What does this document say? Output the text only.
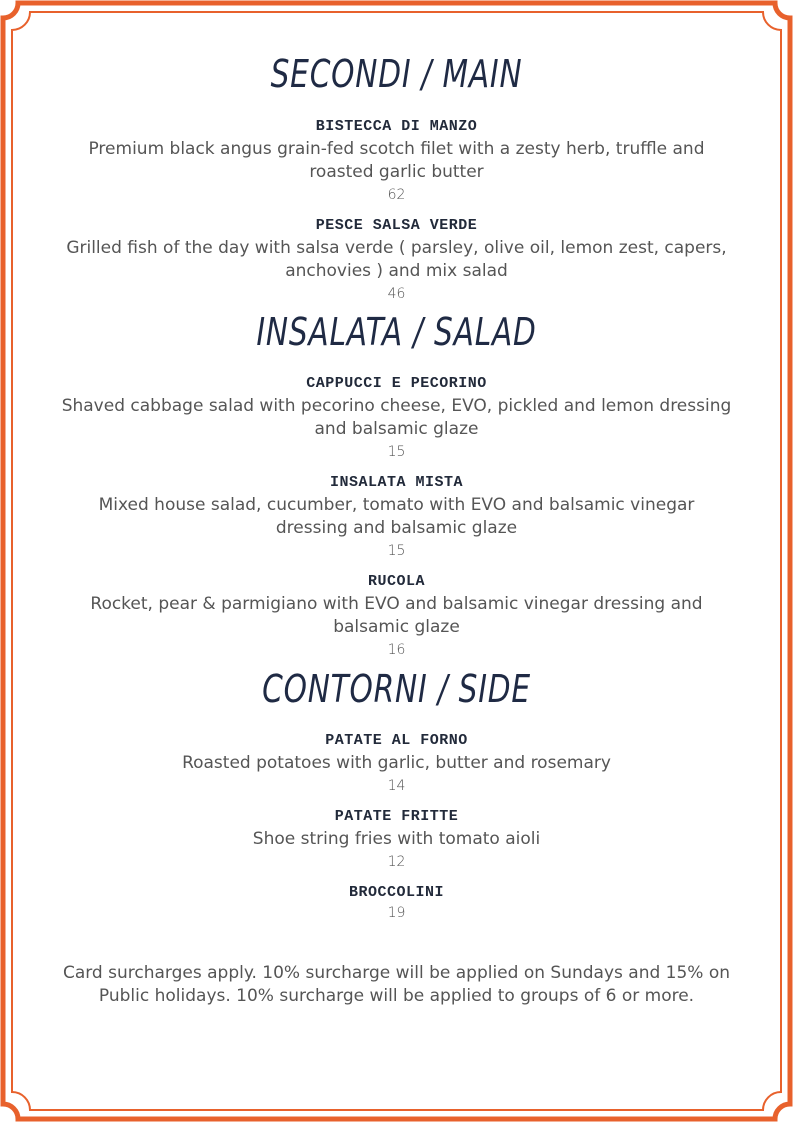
SECONDI / MAIN
BISTECCA DI MANZO
Premium black angus grain-fed scotch filet with a zesty herb, truffle and roasted garlic butter
62
PESCE SALSA VERDE
Grilled fish of the day with salsa verde ( parsley, olive oil, lemon zest, capers, anchovies ) and mix salad
46
INSALATA / SALAD
CAPPUCCI E PECORINO
Shaved cabbage salad with pecorino cheese, EVO, pickled and lemon dressing and balsamic glaze
15
INSALATA MISTA
Mixed house salad, cucumber, tomato with EVO and balsamic vinegar dressing and balsamic glaze
15
RUCOLA
Rocket, pear & parmigiano with EVO and balsamic vinegar dressing and balsamic glaze
16
CONTORNI / SIDE
PATATE AL FORNO
Roasted potatoes with garlic, butter and rosemary
14
PATATE FRITTE
Shoe string fries with tomato aioli
12
BROCCOLINI
19
Card surcharges apply. 10% surcharge will be applied on Sundays and 15% on Public holidays. 10% surcharge will be applied to groups of 6 or more.
